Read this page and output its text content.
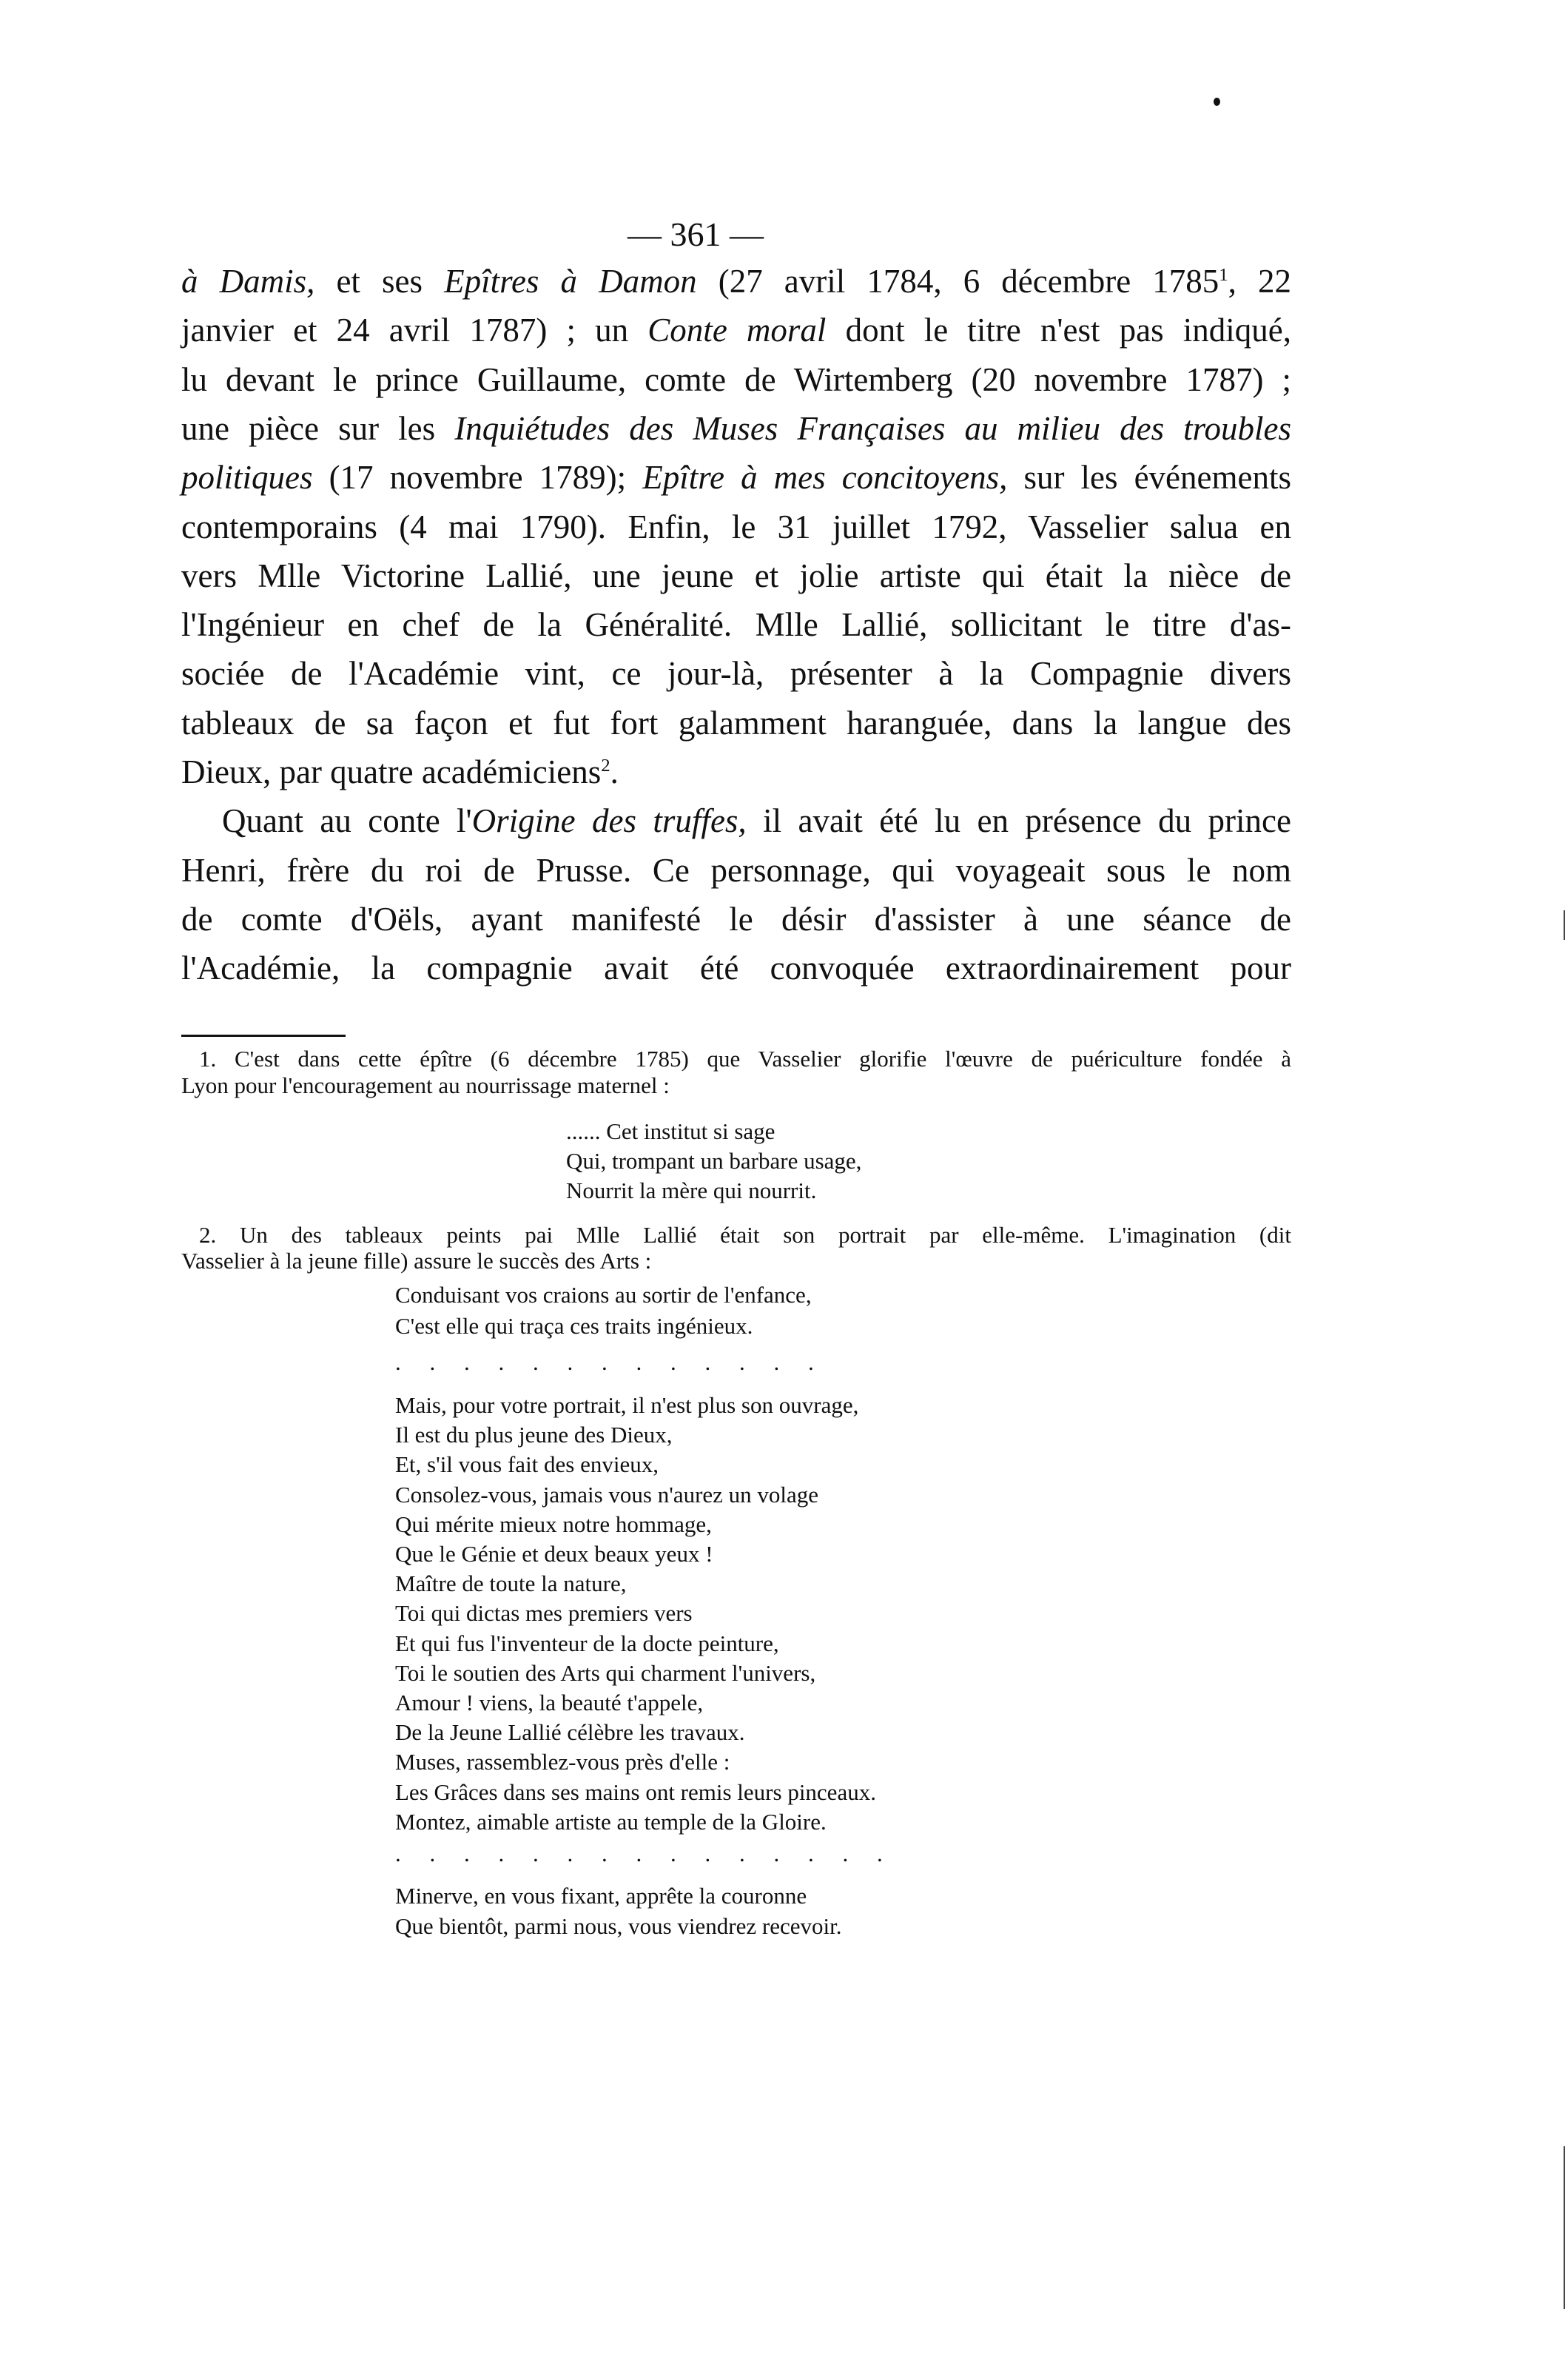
— 361 —
à Damis, et ses Epîtres à Damon (27 avril 1784, 6 décembre 1785$^1$, 22
janvier et 24 avril 1787) ; un Conte moral dont le titre n'est pas indiqué,
lu devant le prince Guillaume, comte de Wirtemberg (20 novembre 1787) ;
une pièce sur les Inquiétudes des Muses Françaises au milieu des troubles
politiques (17 novembre 1789); Epître à mes concitoyens, sur les événements
contemporains (4 mai 1790). Enfin, le 31 juillet 1792, Vasselier salua en
vers Mlle Victorine Lallié, une jeune et jolie artiste qui était la nièce de
l'Ingénieur en chef de la Généralité. Mlle Lallié, sollicitant le titre d'as-
sociée de l'Académie vint, ce jour-là, présenter à la Compagnie divers
tableaux de sa façon et fut fort galamment haranguée, dans la langue des
Dieux, par quatre académiciens$^2$.
Quant au conte l'Origine des truffes, il avait été lu en présence du prince
Henri, frère du roi de Prusse. Ce personnage, qui voyageait sous le nom
de comte d'Oëls, ayant manifesté le désir d'assister à une séance de
l'Académie, la compagnie avait été convoquée extraordinairement pour
1. C'est dans cette épître (6 décembre 1785) que Vasselier glorifie l'œuvre de puériculture fondée à
Lyon pour l'encouragement au nourrissage maternel :
...... Cet institut si sage
Qui, trompant un barbare usage,
Nourrit la mère qui nourrit.
2. Un des tableaux peints pai Mlle Lallié était son portrait par elle-même. L'imagination (dit
Vasselier à la jeune fille) assure le succès des Arts :
Conduisant vos craions au sortir de l'enfance,
C'est elle qui traça ces traits ingénieux.
.     .     .     .     .     .     .     .     .     .     .     .     .
Mais, pour votre portrait, il n'est plus son ouvrage,
Il est du plus jeune des Dieux,
Et, s'il vous fait des envieux,
Consolez-vous, jamais vous n'aurez un volage
Qui mérite mieux notre hommage,
Que le Génie et deux beaux yeux !
Maître de toute la nature,
Toi qui dictas mes premiers vers
Et qui fus l'inventeur de la docte peinture,
Toi le soutien des Arts qui charment l'univers,
Amour ! viens, la beauté t'appele,
De la Jeune Lallié célèbre les travaux.
Muses, rassemblez-vous près d'elle :
Les Grâces dans ses mains ont remis leurs pinceaux.
Montez, aimable artiste au temple de la Gloire.
.     .     .     .     .     .     .     .     .     .     .     .     .     .     .
Minerve, en vous fixant, apprête la couronne
Que bientôt, parmi nous, vous viendrez recevoir.
